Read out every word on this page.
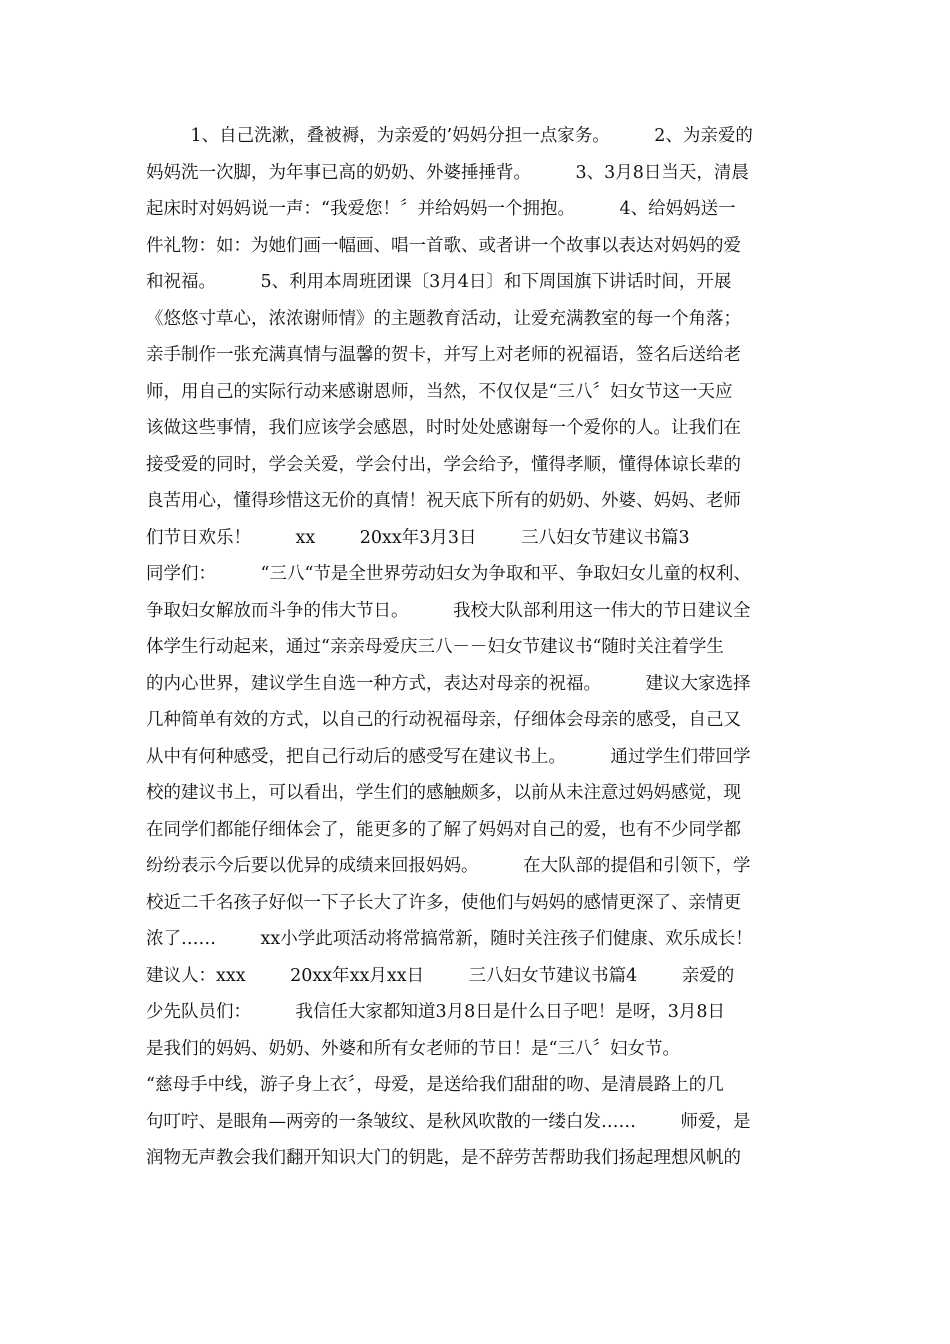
1、自己洗漱，叠被褥，为亲爱的’妈妈分担一点家务。        2、为亲爱的
妈妈洗一次脚，为年事已高的奶奶、外婆捶捶背。        3、3月8日当天，清晨
起床时对妈妈说一声：“我爱您！〞并给妈妈一个拥抱。        4、给妈妈送一
件礼物：如：为她们画一幅画、唱一首歌、或者讲一个故事以表达对妈妈的爱
和祝福。        5、利用本周班团课〔3月4日〕和下周国旗下讲话时间，开展
《悠悠寸草心，浓浓谢师情》的主题教育活动，让爱充满教室的每一个角落；
亲手制作一张充满真情与温馨的贺卡，并写上对老师的祝福语，签名后送给老
师，用自己的实际行动来感谢恩师，当然，不仅仅是“三八〞妇女节这一天应
该做这些事情，我们应该学会感恩，时时处处感谢每一个爱你的人。让我们在
接受爱的同时，学会关爱，学会付出，学会给予，懂得孝顺，懂得体谅长辈的
良苦用心，懂得珍惜这无价的真情！祝天底下所有的奶奶、外婆、妈妈、老师
们节日欢乐！        xx        20xx年3月3日        三八妇女节建议书篇3
同学们：        “三八“节是全世界劳动妇女为争取和平、争取妇女儿童的权利、
争取妇女解放而斗争的伟大节日。        我校大队部利用这一伟大的节日建议全
体学生行动起来，通过“亲亲母爱庆三八－－妇女节建议书“随时关注着学生
的内心世界，建议学生自选一种方式，表达对母亲的祝福。        建议大家选择
几种简单有效的方式，以自己的行动祝福母亲，仔细体会母亲的感受，自己又
从中有何种感受，把自己行动后的感受写在建议书上。        通过学生们带回学
校的建议书上，可以看出，学生们的感触颇多，以前从未注意过妈妈感觉，现
在同学们都能仔细体会了，能更多的了解了妈妈对自己的爱，也有不少同学都
纷纷表示今后要以优异的成绩来回报妈妈。        在大队部的提倡和引领下，学
校近二千名孩子好似一下子长大了许多，使他们与妈妈的感情更深了、亲情更
浓了……        xx小学此项活动将常搞常新，随时关注孩子们健康、欢乐成长！
建议人：xxx        20xx年xx月xx日        三八妇女节建议书篇4        亲爱的
少先队员们：        我信任大家都知道3月8日是什么日子吧！是呀，3月8日
是我们的妈妈、奶奶、外婆和所有女老师的节日！是“三八〞妇女节。
“慈母手中线，游子身上衣〞，母爱，是送给我们甜甜的吻、是清晨路上的几
句叮咛、是眼角—两旁的一条皱纹、是秋风吹散的一缕白发……        师爱，是
润物无声教会我们翻开知识大门的钥匙，是不辞劳苦帮助我们扬起理想风帆的
